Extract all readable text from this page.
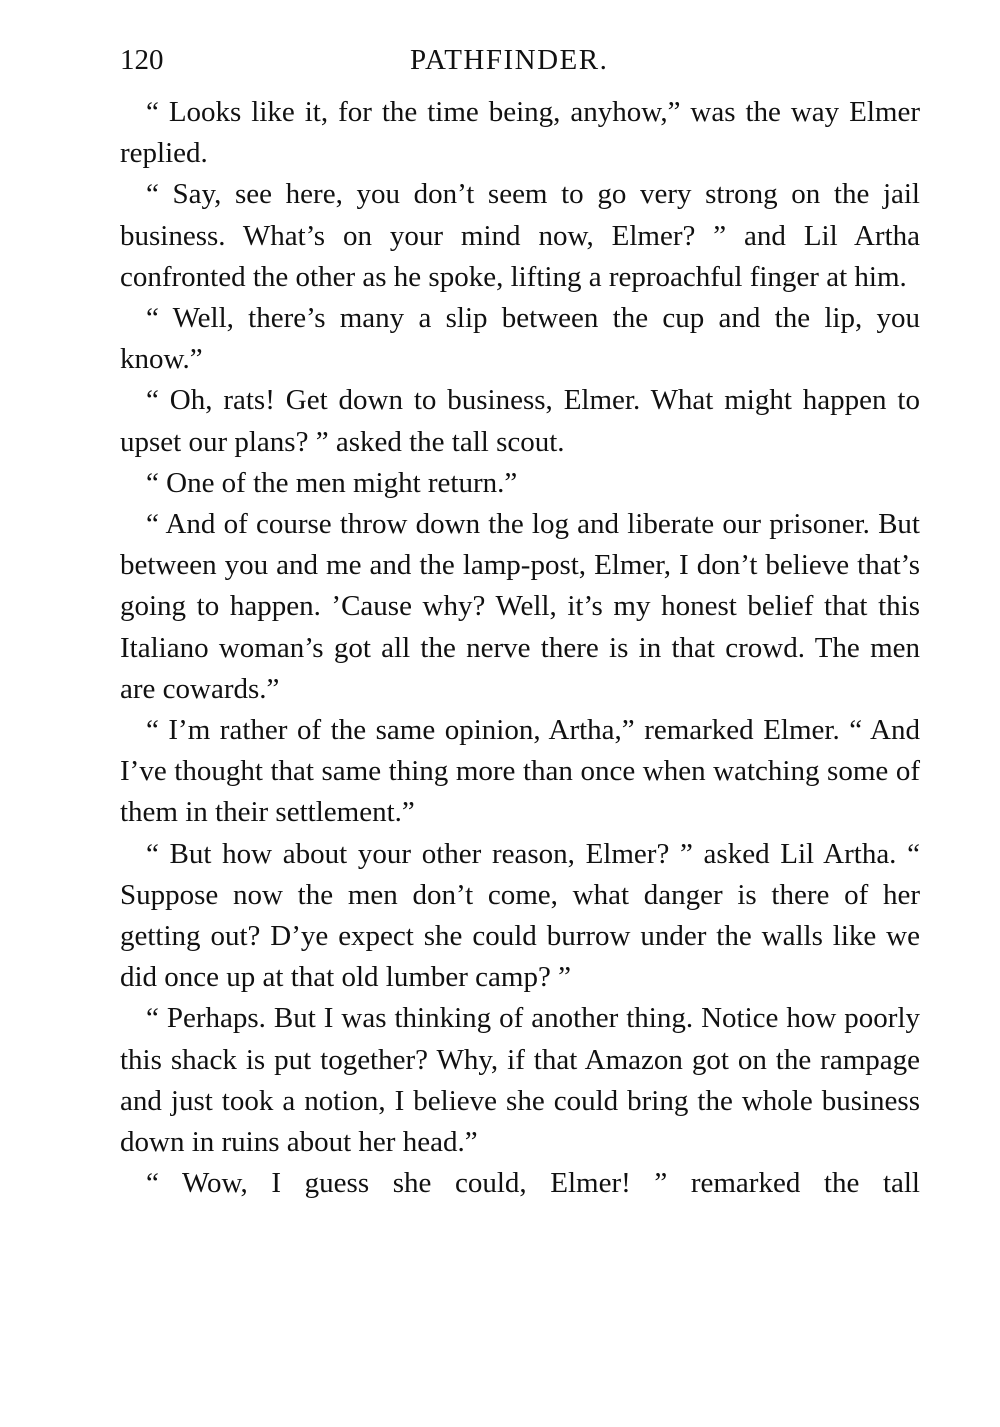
120	PATHFINDER.

“ Looks like it, for the time being, anyhow,” was the way Elmer replied.

“ Say, see here, you don’t seem to go very strong on the jail business. What’s on your mind now, Elmer? ” and Lil Artha confronted the other as he spoke, lifting a reproachful finger at him.

“ Well, there’s many a slip between the cup and the lip, you know.”

“ Oh, rats! Get down to business, Elmer. What might happen to upset our plans? ” asked the tall scout.

“ One of the men might return.”

“ And of course throw down the log and liberate our prisoner. But between you and me and the lamp-post, Elmer, I don’t believe that’s going to happen. ’Cause why? Well, it’s my honest belief that this Italiano woman’s got all the nerve there is in that crowd. The men are cowards.”

“ I’m rather of the same opinion, Artha,” remarked Elmer. “ And I’ve thought that same thing more than once when watching some of them in their settlement.”

“ But how about your other reason, Elmer? ” asked Lil Artha. “ Suppose now the men don’t come, what danger is there of her getting out? D’ye expect she could burrow under the walls like we did once up at that old lumber camp? ”

“ Perhaps. But I was thinking of another thing. Notice how poorly this shack is put together? Why, if that Amazon got on the rampage and just took a notion, I believe she could bring the whole business down in ruins about her head.”

“ Wow, I guess she could, Elmer! ” remarked the tall
